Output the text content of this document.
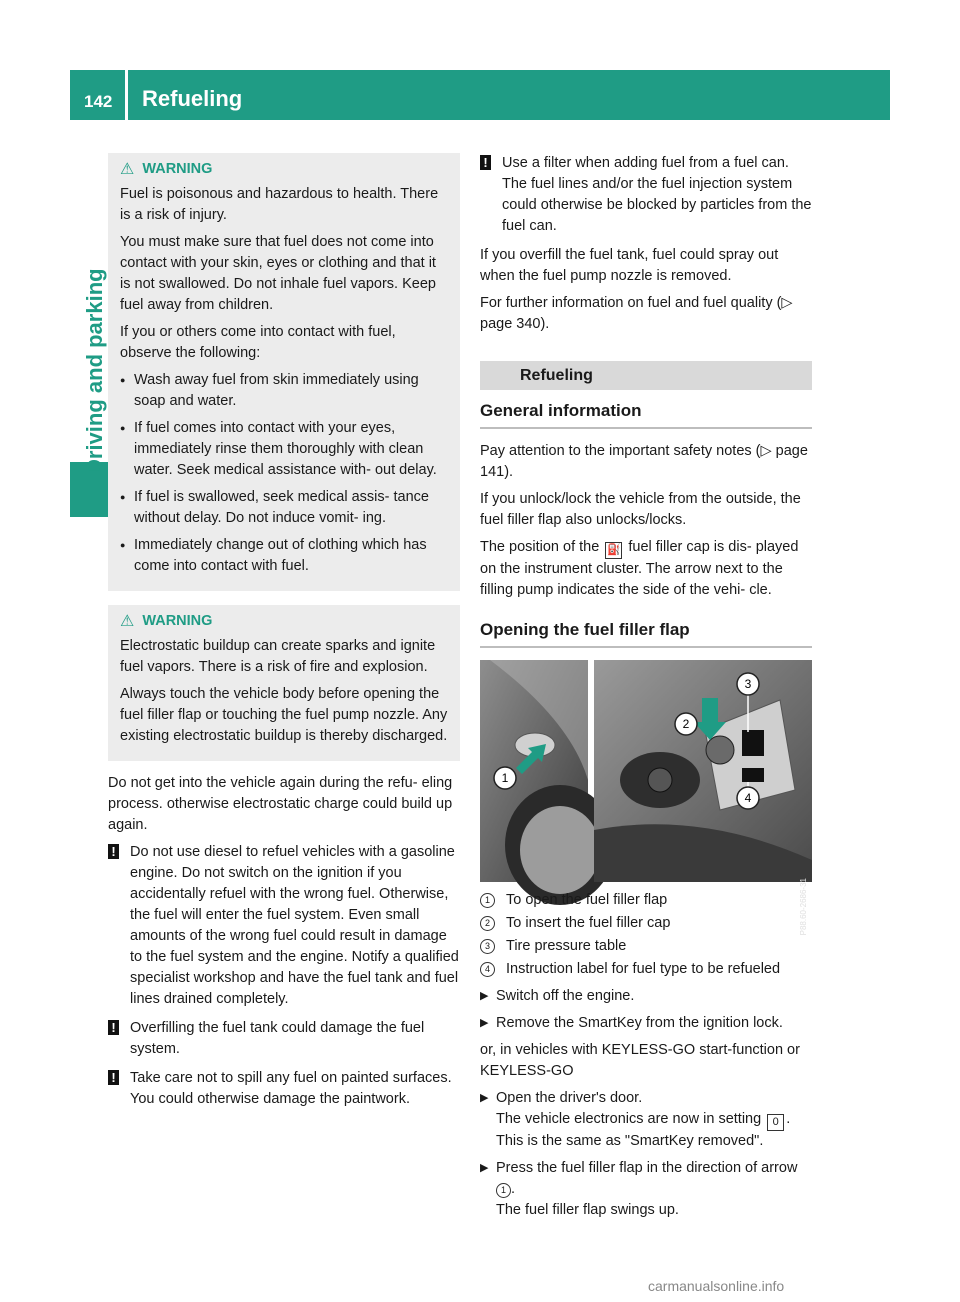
142 Refueling
Driving and parking
⚠ WARNING

Fuel is poisonous and hazardous to health. There is a risk of injury.

You must make sure that fuel does not come into contact with your skin, eyes or clothing and that it is not swallowed. Do not inhale fuel vapors. Keep fuel away from children.

If you or others come into contact with fuel, observe the following:

● Wash away fuel from skin immediately using soap and water.
● If fuel comes into contact with your eyes, immediately rinse them thoroughly with clean water. Seek medical assistance with- out delay.
● If fuel is swallowed, seek medical assis- tance without delay. Do not induce vomit- ing.
● Immediately change out of clothing which has come into contact with fuel.
⚠ WARNING

Electrostatic buildup can create sparks and ignite fuel vapors. There is a risk of fire and explosion.

Always touch the vehicle body before opening the fuel filler flap or touching the fuel pump nozzle. Any existing electrostatic buildup is thereby discharged.

Do not get into the vehicle again during the refu- eling process. otherwise electrostatic charge could build up again.

! Do not use diesel to refuel vehicles with a gasoline engine. Do not switch on the ignition if you accidentally refuel with the wrong fuel. Otherwise, the fuel will enter the fuel system. Even small amounts of the wrong fuel could result in damage to the fuel system and the engine. Notify a qualified specialist workshop and have the fuel tank and fuel lines drained completely.
! Overfilling the fuel tank could damage the fuel system.
! Take care not to spill any fuel on painted surfaces. You could otherwise damage the paintwork.
! Use a filter when adding fuel from a fuel can. The fuel lines and/or the fuel injection system could otherwise be blocked by particles from the fuel can.

If you overfill the fuel tank, fuel could spray out when the fuel pump nozzle is removed.

For further information on fuel and fuel quality (▷ page 340).

Refueling
General information

Pay attention to the important safety notes (▷ page 141).

If you unlock/lock the vehicle from the outside, the fuel filler flap also unlocks/locks.

The position of the ⛽ fuel filler cap is dis- played on the instrument cluster. The arrow next to the filling pump indicates the side of the vehi- cle.

Opening the fuel filler flap
1
3
2
4
P88.60-2686-31
1	To open the fuel filler flap
2	To insert the fuel filler cap
3	Tire pressure table
4	Instruction label for fuel type to be refueled
▶ Switch off the engine.
▶ Remove the SmartKey from the ignition lock.

or, in vehicles with KEYLESS-GO start-function or KEYLESS-GO

▶ Open the driver's door.
The vehicle electronics are now in setting 0 . This is the same as "SmartKey removed".
▶ Press the fuel filler flap in the direction of arrow 1 .
The fuel filler flap swings up.
carmanualsonline.info
